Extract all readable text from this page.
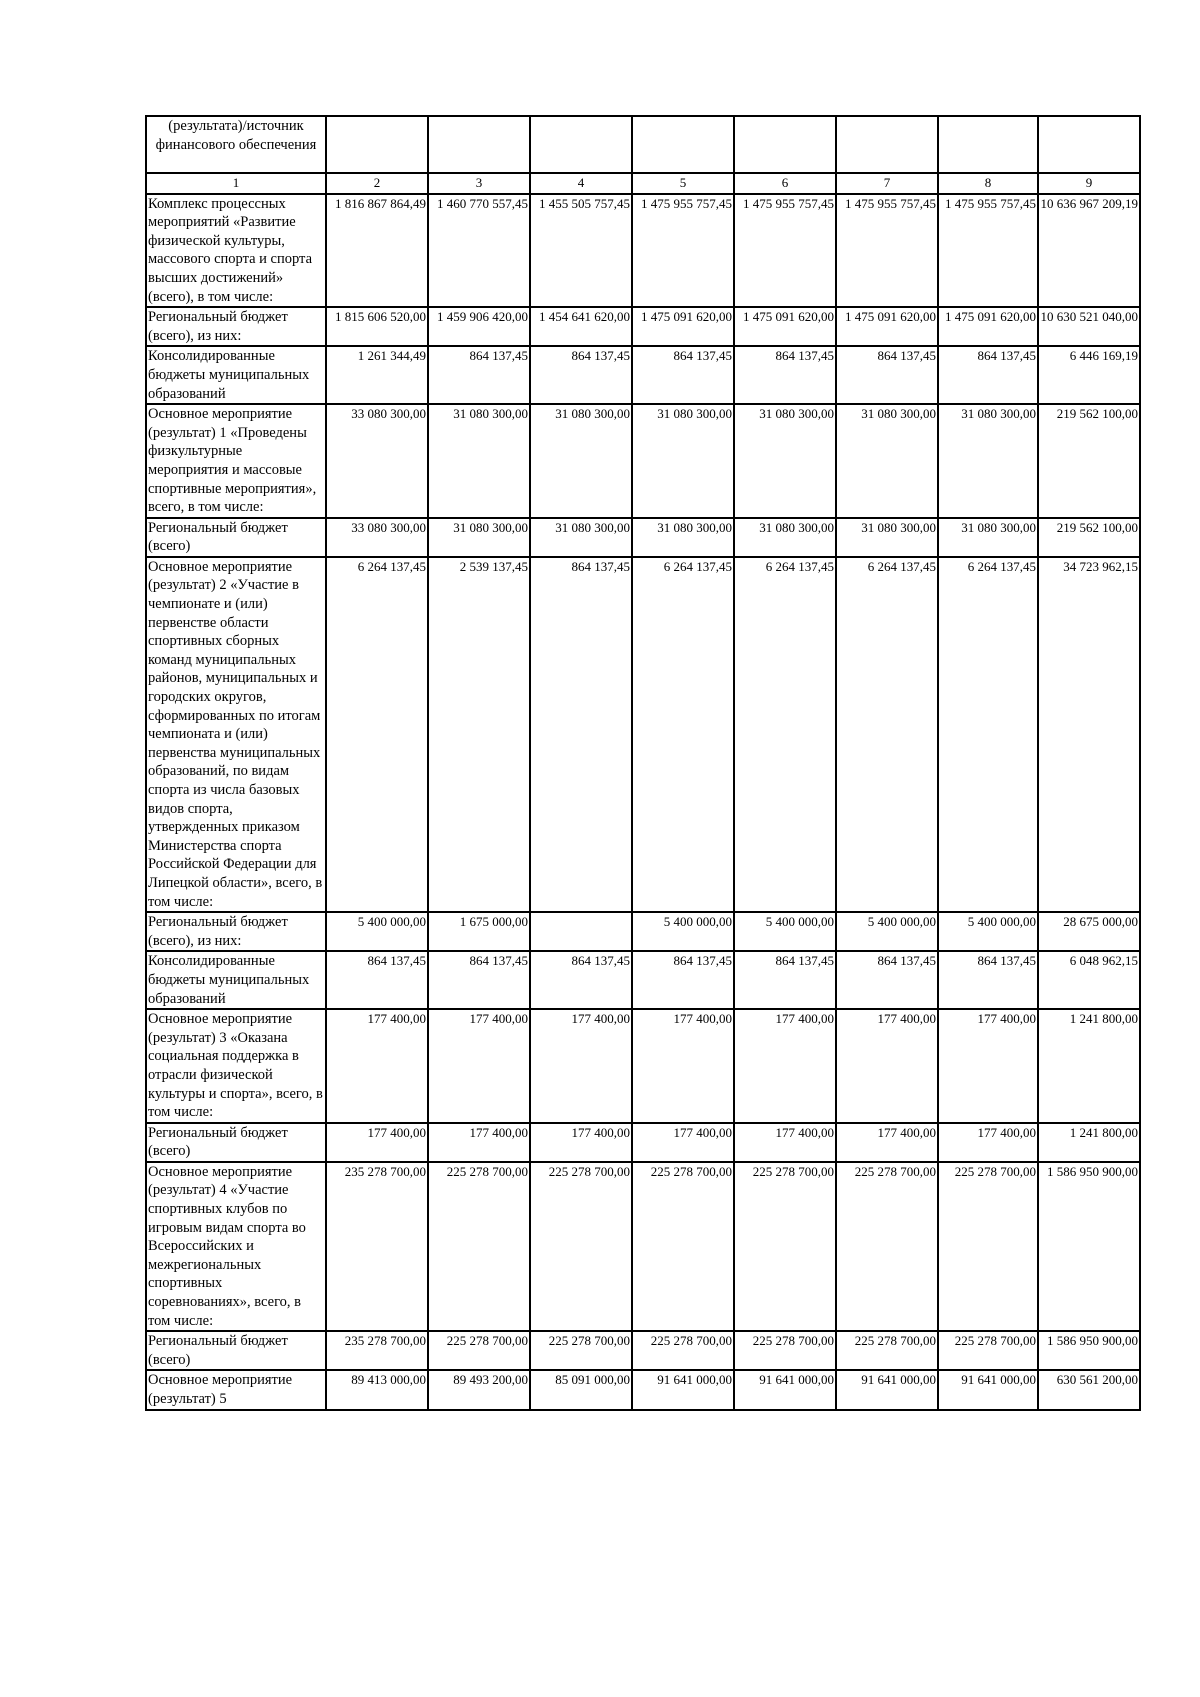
(результата)/источник финансового обеспечения								
1	2	3	4	5	6	7	8	9
Комплекс процессных мероприятий «Развитие физической культуры, массового спорта и спорта высших достижений» (всего), в том числе:	1 816 867 864,49	1 460 770 557,45	1 455 505 757,45	1 475 955 757,45	1 475 955 757,45	1 475 955 757,45	1 475 955 757,45	10 636 967 209,19
Региональный бюджет (всего), из них:	1 815 606 520,00	1 459 906 420,00	1 454 641 620,00	1 475 091 620,00	1 475 091 620,00	1 475 091 620,00	1 475 091 620,00	10 630 521 040,00
Консолидированные бюджеты муниципальных образований	1 261 344,49	864 137,45	864 137,45	864 137,45	864 137,45	864 137,45	864 137,45	6 446 169,19
Основное мероприятие (результат) 1 «Проведены физкультурные мероприятия и массовые спортивные мероприятия», всего, в том числе:	33 080 300,00	31 080 300,00	31 080 300,00	31 080 300,00	31 080 300,00	31 080 300,00	31 080 300,00	219 562 100,00
Региональный бюджет (всего)	33 080 300,00	31 080 300,00	31 080 300,00	31 080 300,00	31 080 300,00	31 080 300,00	31 080 300,00	219 562 100,00
Основное мероприятие (результат) 2 «Участие в чемпионате и (или) первенстве области спортивных сборных команд муниципальных районов, муниципальных и городских округов, сформированных по итогам чемпионата и (или) первенства муниципальных образований, по видам спорта из числа базовых видов спорта, утвержденных приказом Министерства спорта Российской Федерации для Липецкой области», всего, в том числе:	6 264 137,45	2 539 137,45	864 137,45	6 264 137,45	6 264 137,45	6 264 137,45	6 264 137,45	34 723 962,15
Региональный бюджет (всего), из них:	5 400 000,00	1 675 000,00		5 400 000,00	5 400 000,00	5 400 000,00	5 400 000,00	28 675 000,00
Консолидированные бюджеты муниципальных образований	864 137,45	864 137,45	864 137,45	864 137,45	864 137,45	864 137,45	864 137,45	6 048 962,15
Основное мероприятие (результат) 3 «Оказана социальная поддержка в отрасли физической культуры и спорта», всего, в том числе:	177 400,00	177 400,00	177 400,00	177 400,00	177 400,00	177 400,00	177 400,00	1 241 800,00
Региональный бюджет (всего)	177 400,00	177 400,00	177 400,00	177 400,00	177 400,00	177 400,00	177 400,00	1 241 800,00
Основное мероприятие (результат) 4 «Участие спортивных клубов по игровым видам спорта во Всероссийских и межрегиональных спортивных соревнованиях», всего, в том числе:	235 278 700,00	225 278 700,00	225 278 700,00	225 278 700,00	225 278 700,00	225 278 700,00	225 278 700,00	1 586 950 900,00
Региональный бюджет (всего)	235 278 700,00	225 278 700,00	225 278 700,00	225 278 700,00	225 278 700,00	225 278 700,00	225 278 700,00	1 586 950 900,00
Основное мероприятие (результат) 5	89 413 000,00	89 493 200,00	85 091 000,00	91 641 000,00	91 641 000,00	91 641 000,00	91 641 000,00	630 561 200,00
